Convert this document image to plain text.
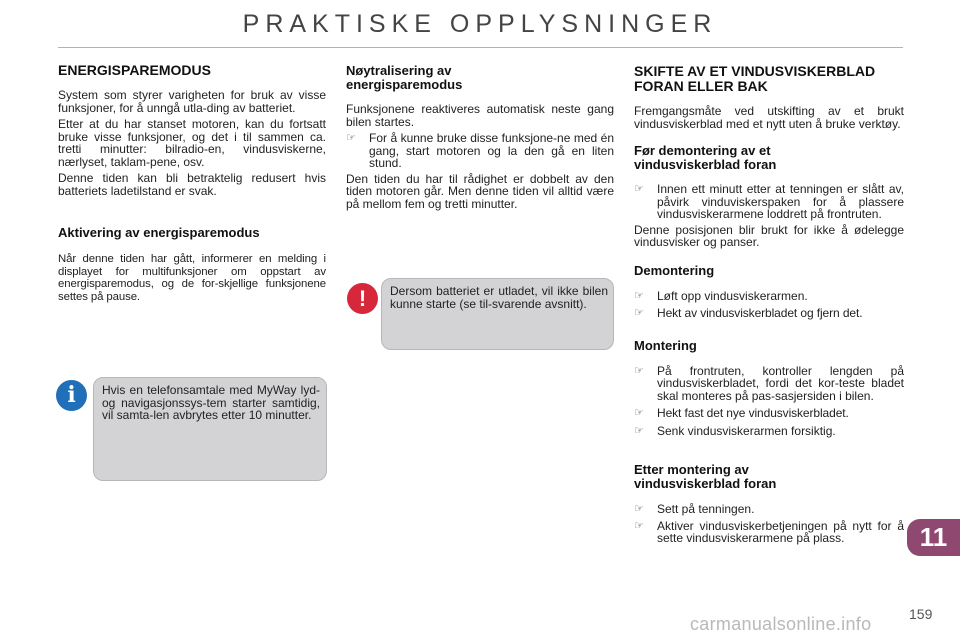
PRAKTISKE OPPLYSNINGER
ENERGISPAREMODUS

System som styrer varigheten for bruk av visse funksjoner, for å unngå utla-ding av batteriet.

Etter at du har stanset motoren, kan du fortsatt bruke visse funksjoner, og det i til sammen ca. tretti minutter: bilradio-en, vindusviskerne, nærlyset, taklam-pene, osv.

Denne tiden kan bli betraktelig redusert hvis batteriets ladetilstand er svak.

Aktivering av energisparemodus

Når denne tiden har gått, informerer en melding i displayet for multifunksjoner om oppstart av energisparemodus, og de for-skjellige funksjonene settes på pause.

i	Hvis en telefonsamtale med MyWay lyd- og navigasjonssys-tem starter samtidig, vil samta-len avbrytes etter 10 minutter.

Nøytralisering av energisparemodus

Funksjonene reaktiveres automatisk neste gang bilen startes.

☞ For å kunne bruke disse funksjone-ne med én gang, start motoren og la den gå en liten stund.

Den tiden du har til rådighet er dobbelt av den tiden motoren går. Men denne tiden vil alltid være på mellom fem og tretti minutter.

!	Dersom batteriet er utladet, vil ikke bilen kunne starte (se til-svarende avsnitt).

SKIFTE AV ET VINDUSVISKERBLAD FORAN ELLER BAK

Fremgangsmåte ved utskifting av et brukt vindusviskerblad med et nytt uten å bruke verktøy.

Før demontering av et vindusviskerblad foran
☞ Innen ett minutt etter at tenningen er slått av, påvirk vinduviskerspaken for å plassere vindusviskerarmene loddrett på frontruten.

Denne posisjonen blir brukt for ikke å ødelegge vindusvisker og panser.

Demontering
☞ Løft opp vindusviskerarmen.
☞ Hekt av vindusviskerbladet og fjern det.
Montering
☞ På frontruten, kontroller lengden på vindusviskerbladet, fordi det kor-teste bladet skal monteres på pas-sasjersiden i bilen.
☞ Hekt fast det nye vindusviskerbladet.
☞ Senk vindusviskerarmen forsiktig.
Etter montering av vindusviskerblad foran
☞ Sett på tenningen.
☞ Aktiver vindusviskerbetjeningen på nytt for å sette vindusviskerarmene på plass.	11
159
carmanualsonline.info
